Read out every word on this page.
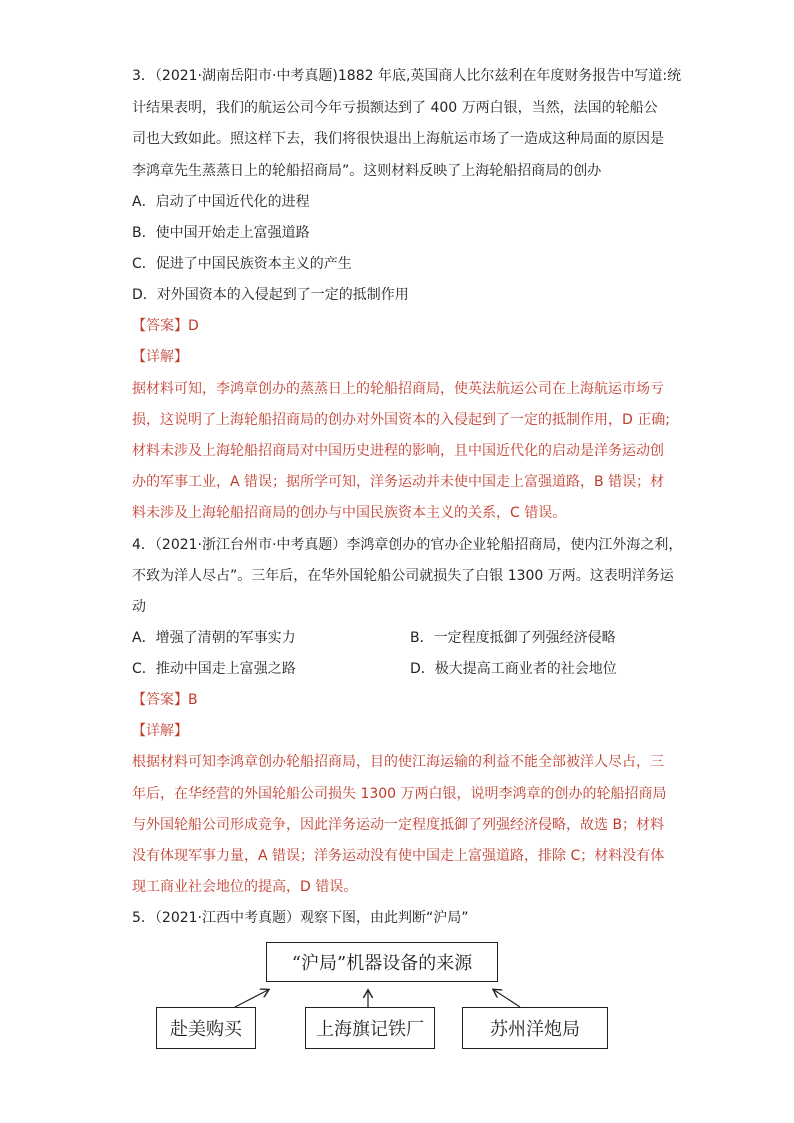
3．（2021·湖南岳阳市·中考真题)1882 年底,英国商人比尔兹利在年度财务报告中写道:统
计结果表明，我们的航运公司今年亏损额达到了 400 万两白银，当然，法国的轮船公
司也大致如此。照这样下去，我们将很快退出上海航运市场了一造成这种局面的原因是
李鸿章先生蒸蒸日上的轮船招商局”。这则材料反映了上海轮船招商局的创办
A．启动了中国近代化的进程
B．使中国开始走上富强道路
C．促进了中国民族资本主义的产生
D．对外国资本的入侵起到了一定的抵制作用
【答案】D
【详解】
据材料可知，李鸿章创办的蒸蒸日上的轮船招商局，使英法航运公司在上海航运市场亏
损，这说明了上海轮船招商局的创办对外国资本的入侵起到了一定的抵制作用，D 正确;
材料未涉及上海轮船招商局对中国历史进程的影响，且中国近代化的启动是洋务运动创
办的军事工业，A 错误；据所学可知，洋务运动并未使中国走上富强道路，B 错误；材
料未涉及上海轮船招商局的创办与中国民族资本主义的关系，C 错误。
4．（2021·浙江台州市·中考真题）李鸿章创办的官办企业轮船招商局，使内江外海之利，
不致为洋人尽占”。三年后，在华外国轮船公司就损失了白银 1300 万两。这表明洋务运
动
A．增强了清朝的军事实力	B．一定程度抵御了列强经济侵略
C．推动中国走上富强之路	D．极大提高工商业者的社会地位
【答案】B
【详解】
根据材料可知李鸿章创办轮船招商局，目的使江海运输的利益不能全部被洋人尽占，三
年后，在华经营的外国轮船公司损失 1300 万两白银，说明李鸿章的创办的轮船招商局
与外国轮船公司形成竞争，因此洋务运动一定程度抵御了列强经济侵略，故选 B；材料
没有体现军事力量，A 错误；洋务运动没有使中国走上富强道路，排除 C；材料没有体
现工商业社会地位的提高，D 错误。
5．（2021·江西中考真题）观察下图，由此判断“沪局”
“沪局”机器设备的来源
赴美购买	上海旗记铁厂	苏州洋炮局
